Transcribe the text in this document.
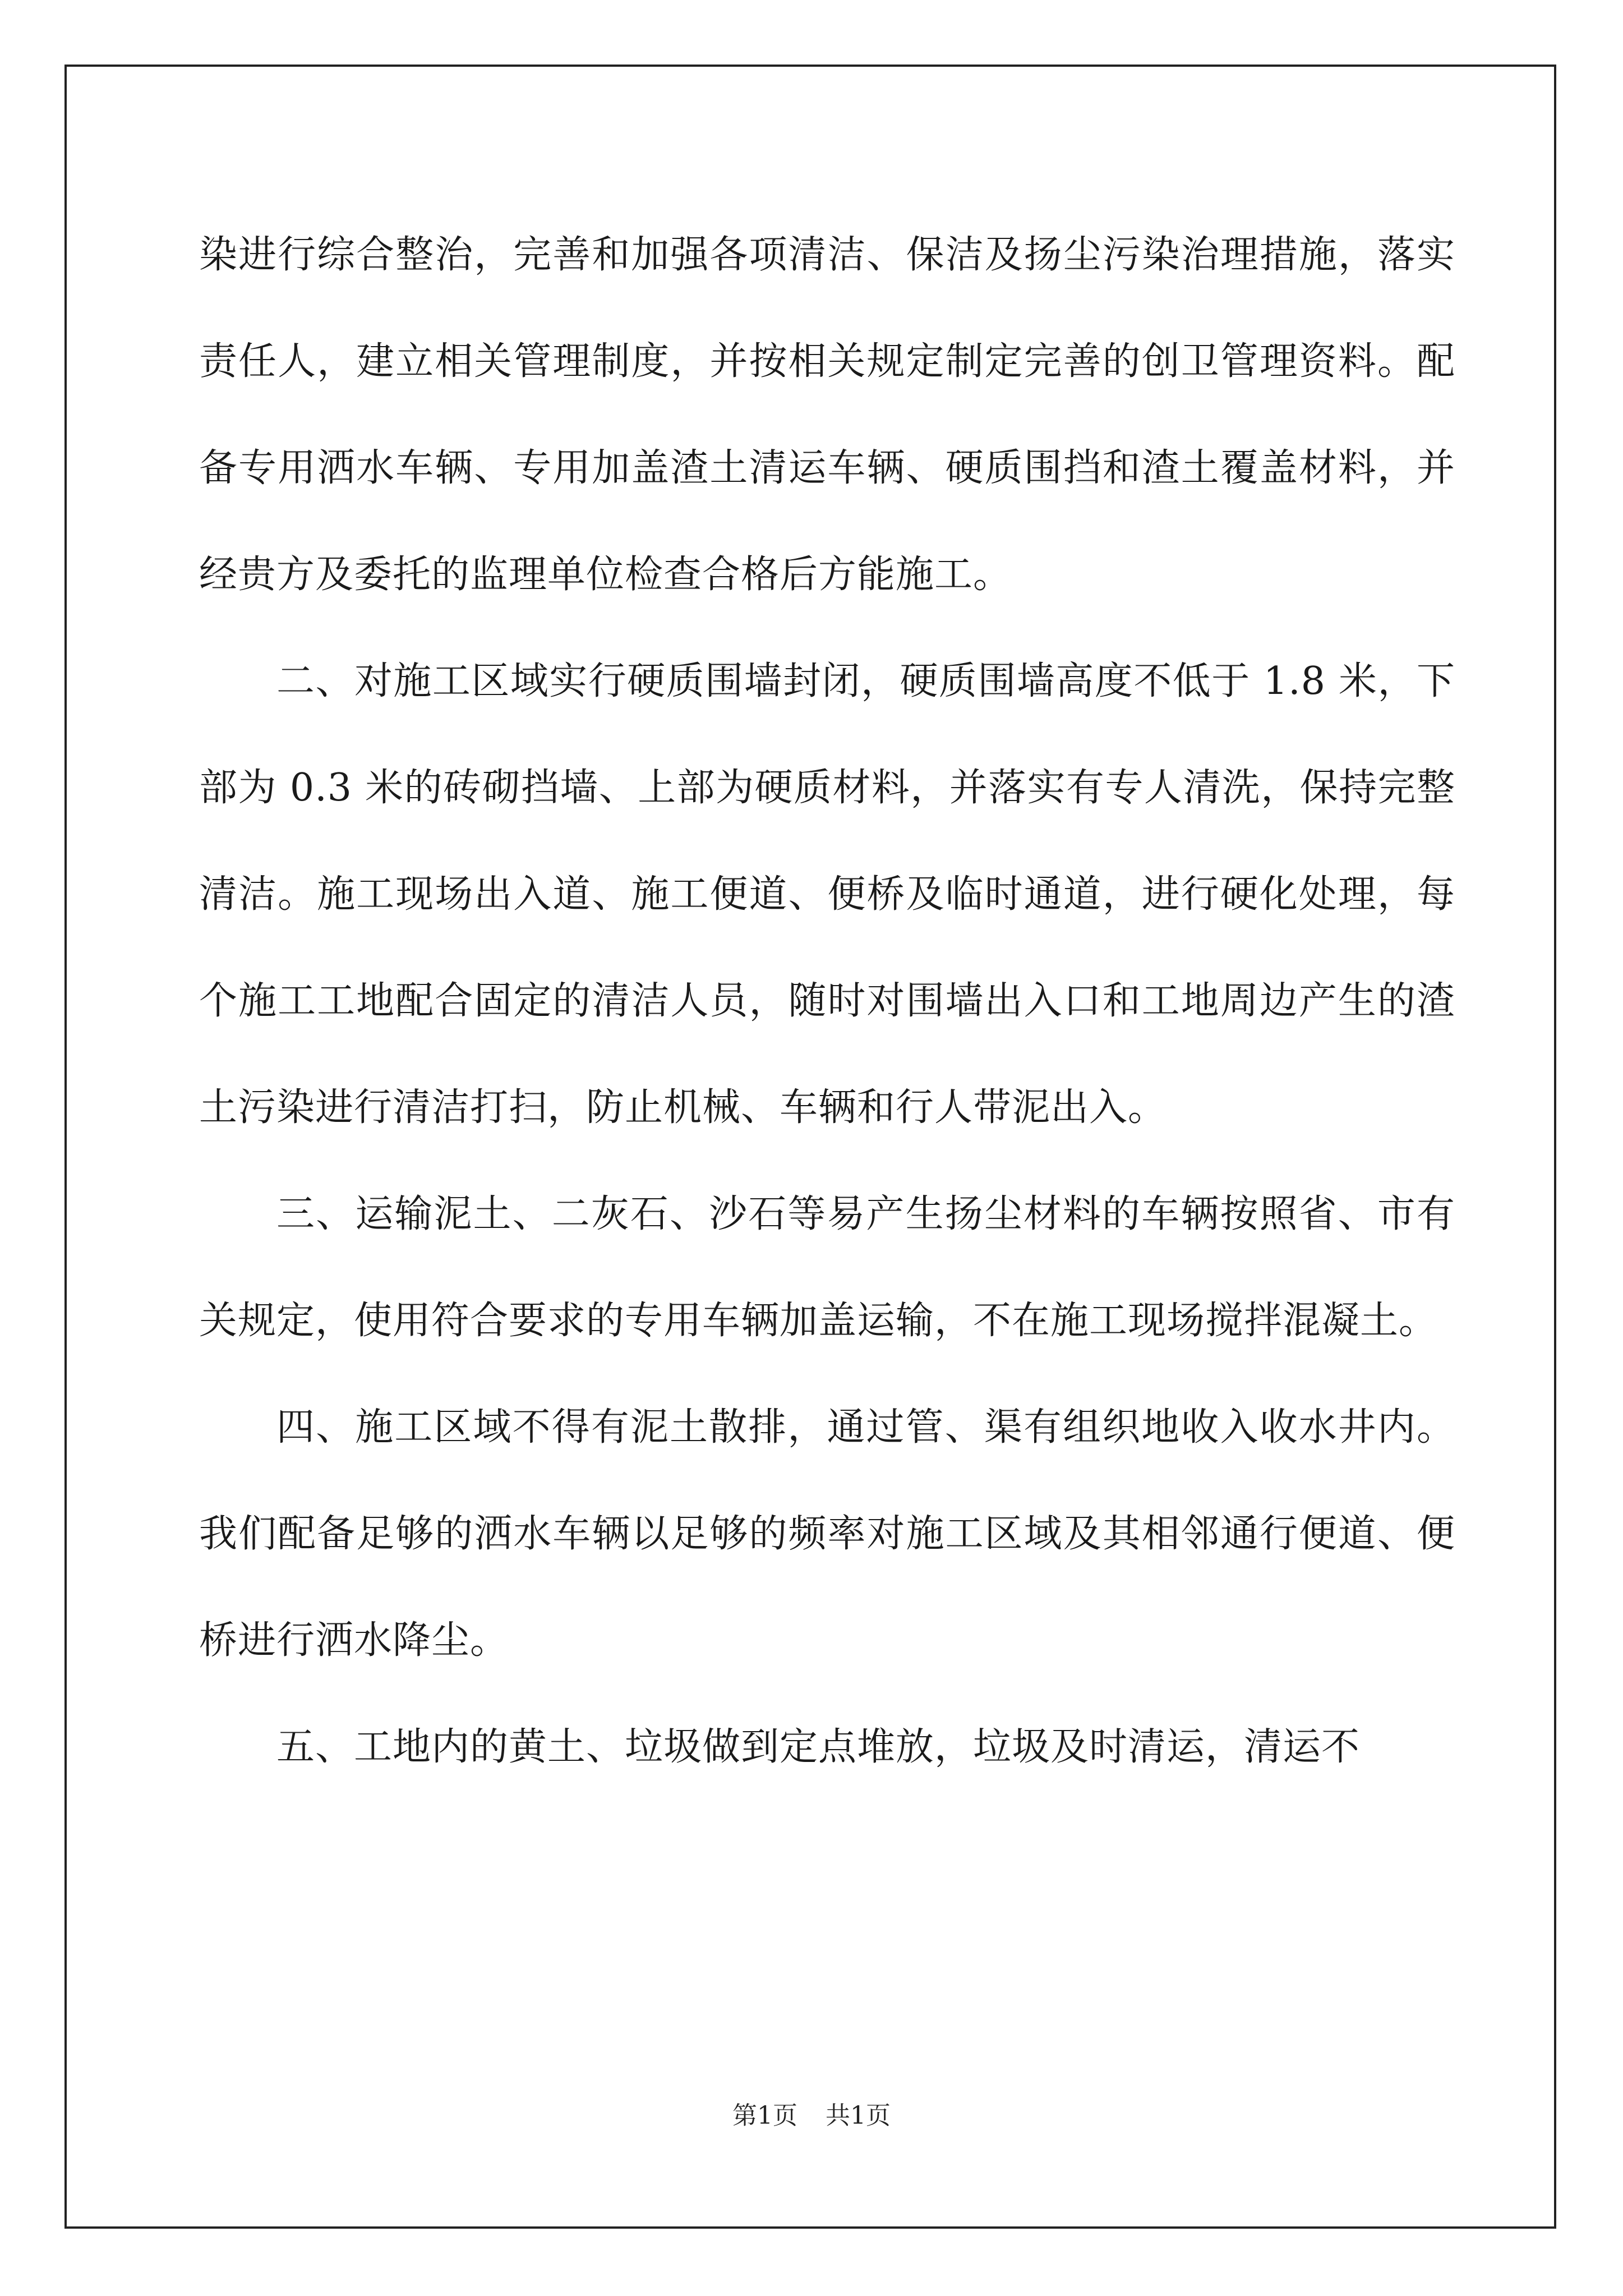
染进行综合整治，完善和加强各项清洁、保洁及扬尘污染治理措施，落实责任人，建立相关管理制度，并按相关规定制定完善的创卫管理资料。配备专用洒水车辆、专用加盖渣土清运车辆、硬质围挡和渣土覆盖材料，并经贵方及委托的监理单位检查合格后方能施工。

二、对施工区域实行硬质围墙封闭，硬质围墙高度不低于 1.8 米，下部为 0.3 米的砖砌挡墙、上部为硬质材料，并落实有专人清洗，保持完整清洁。施工现场出入道、施工便道、便桥及临时通道，进行硬化处理，每个施工工地配合固定的清洁人员，随时对围墙出入口和工地周边产生的渣土污染进行清洁打扫，防止机械、车辆和行人带泥出入。

三、运输泥土、二灰石、沙石等易产生扬尘材料的车辆按照省、市有关规定，使用符合要求的专用车辆加盖运输，不在施工现场搅拌混凝土。

四、施工区域不得有泥土散排，通过管、渠有组织地收入收水井内。我们配备足够的洒水车辆以足够的频率对施工区域及其相邻通行便道、便桥进行洒水降尘。

五、工地内的黄土、垃圾做到定点堆放，垃圾及时清运，清运不

第1页 共1页
